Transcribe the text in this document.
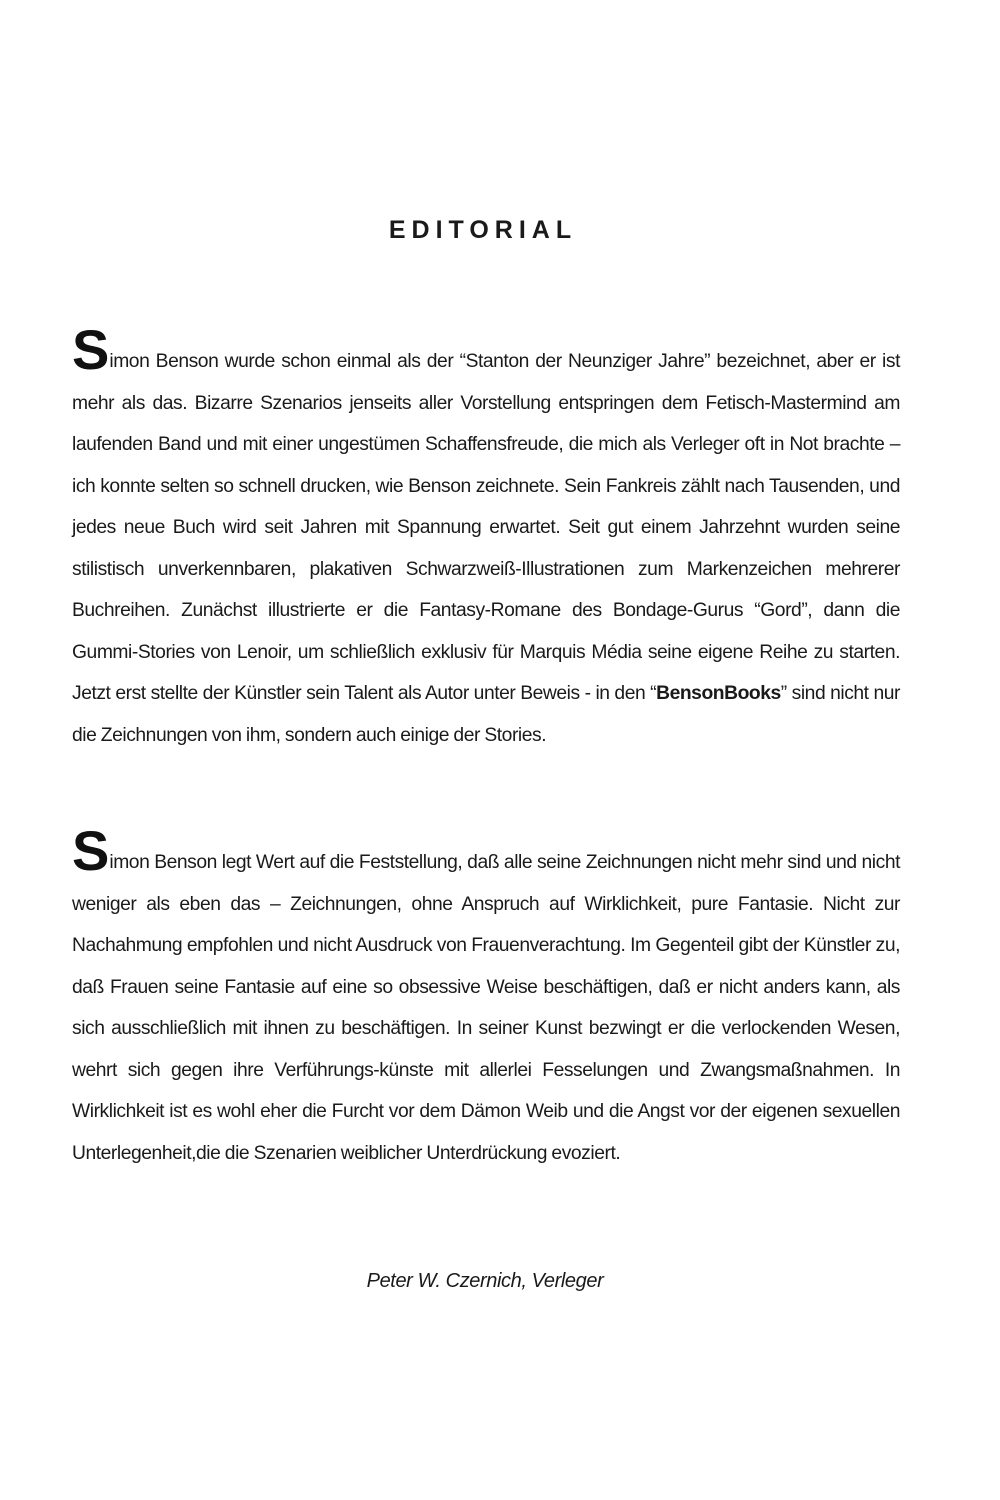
EDITORIAL

Simon Benson wurde schon einmal als der “Stanton der Neunziger Jahre” bezeichnet, aber er ist mehr als das. Bizarre Szenarios jenseits aller Vorstellung entspringen dem Fetisch-Mastermind am laufenden Band und mit einer ungestümen Schaffensfreude, die mich als Verleger oft in Not brachte – ich konnte selten so schnell drucken, wie Benson zeichnete. Sein Fankreis zählt nach Tausenden, und jedes neue Buch wird seit Jahren mit Spannung erwartet. Seit gut einem Jahrzehnt wurden seine stilistisch unverkennbaren, plakativen Schwarzweiß-Illustrationen zum Markenzeichen mehrerer Buchreihen. Zunächst illustrierte er die Fantasy-Romane des Bondage-Gurus “Gord”, dann die Gummi-Stories von Lenoir, um schließlich exklusiv für Marquis Média seine eigene Reihe zu starten. Jetzt erst stellte der Künstler sein Talent als Autor unter Beweis - in den “BensonBooks” sind nicht nur die Zeichnungen von ihm, sondern auch einige der Stories.

Simon Benson legt Wert auf die Feststellung, daß alle seine Zeichnungen nicht mehr sind und nicht weniger als eben das – Zeichnungen, ohne Anspruch auf Wirklichkeit, pure Fantasie. Nicht zur Nachahmung empfohlen und nicht Ausdruck von Frauenverachtung. Im Gegenteil gibt der Künstler zu, daß Frauen seine Fantasie auf eine so obsessive Weise beschäftigen, daß er nicht anders kann, als sich ausschließlich mit ihnen zu beschäftigen. In seiner Kunst bezwingt er die verlockenden Wesen, wehrt sich gegen ihre Verführungs-künste mit allerlei Fesselungen und Zwangsmaßnahmen. In Wirklichkeit ist es wohl eher die Furcht vor dem Dämon Weib und die Angst vor der eigenen sexuellen Unterlegenheit,die die Szenarien weiblicher Unterdrückung evoziert.

Peter W. Czernich, Verleger
